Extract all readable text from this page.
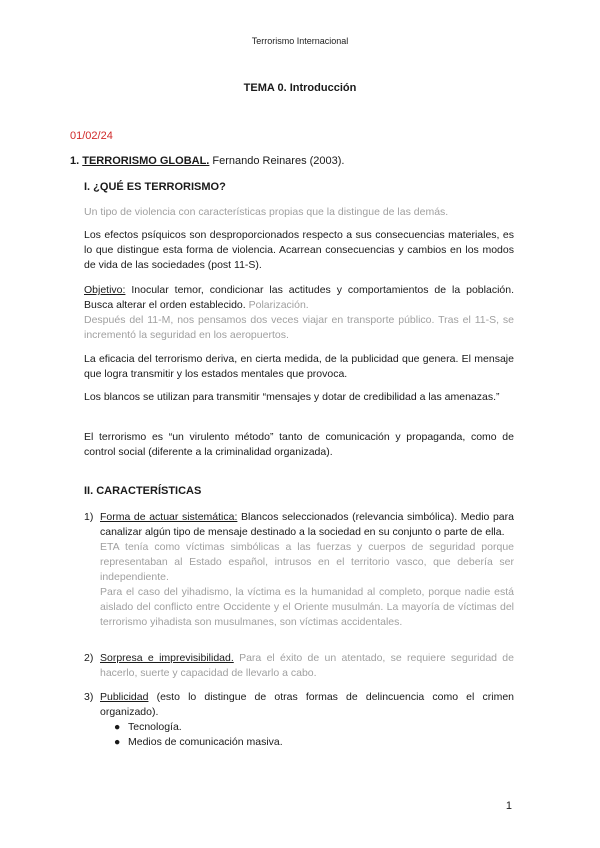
Terrorismo Internacional
TEMA 0. Introducción
01/02/24
1. TERRORISMO GLOBAL. Fernando Reinares (2003).
I. ¿QUÉ ES TERRORISMO?
Un tipo de violencia con características propias que la distingue de las demás.
Los efectos psíquicos son desproporcionados respecto a sus consecuencias materiales, es lo que distingue esta forma de violencia. Acarrean consecuencias y cambios en los modos de vida de las sociedades (post 11-S).
Objetivo: Inocular temor, condicionar las actitudes y comportamientos de la población. Busca alterar el orden establecido. Polarización.
Después del 11-M, nos pensamos dos veces viajar en transporte público. Tras el 11-S, se incrementó la seguridad en los aeropuertos.
La eficacia del terrorismo deriva, en cierta medida, de la publicidad que genera. El mensaje que logra transmitir y los estados mentales que provoca.
Los blancos se utilizan para transmitir “mensajes y dotar de credibilidad a las amenazas.”
El terrorismo es “un virulento método” tanto de comunicación y propaganda, como de control social (diferente a la criminalidad organizada).
II. CARACTERÍSTICAS
1) Forma de actuar sistemática: Blancos seleccionados (relevancia simbólica). Medio para canalizar algún tipo de mensaje destinado a la sociedad en su conjunto o parte de ella.
ETA tenía como víctimas simbólicas a las fuerzas y cuerpos de seguridad porque representaban al Estado español, intrusos en el territorio vasco, que debería ser independiente.
Para el caso del yihadismo, la víctima es la humanidad al completo, porque nadie está aislado del conflicto entre Occidente y el Oriente musulmán. La mayoría de víctimas del terrorismo yihadista son musulmanes, son víctimas accidentales.
2) Sorpresa e imprevisibilidad. Para el éxito de un atentado, se requiere seguridad de hacerlo, suerte y capacidad de llevarlo a cabo.
3) Publicidad (esto lo distingue de otras formas de delincuencia como el crimen organizado).
● Tecnología.
● Medios de comunicación masiva.
1
